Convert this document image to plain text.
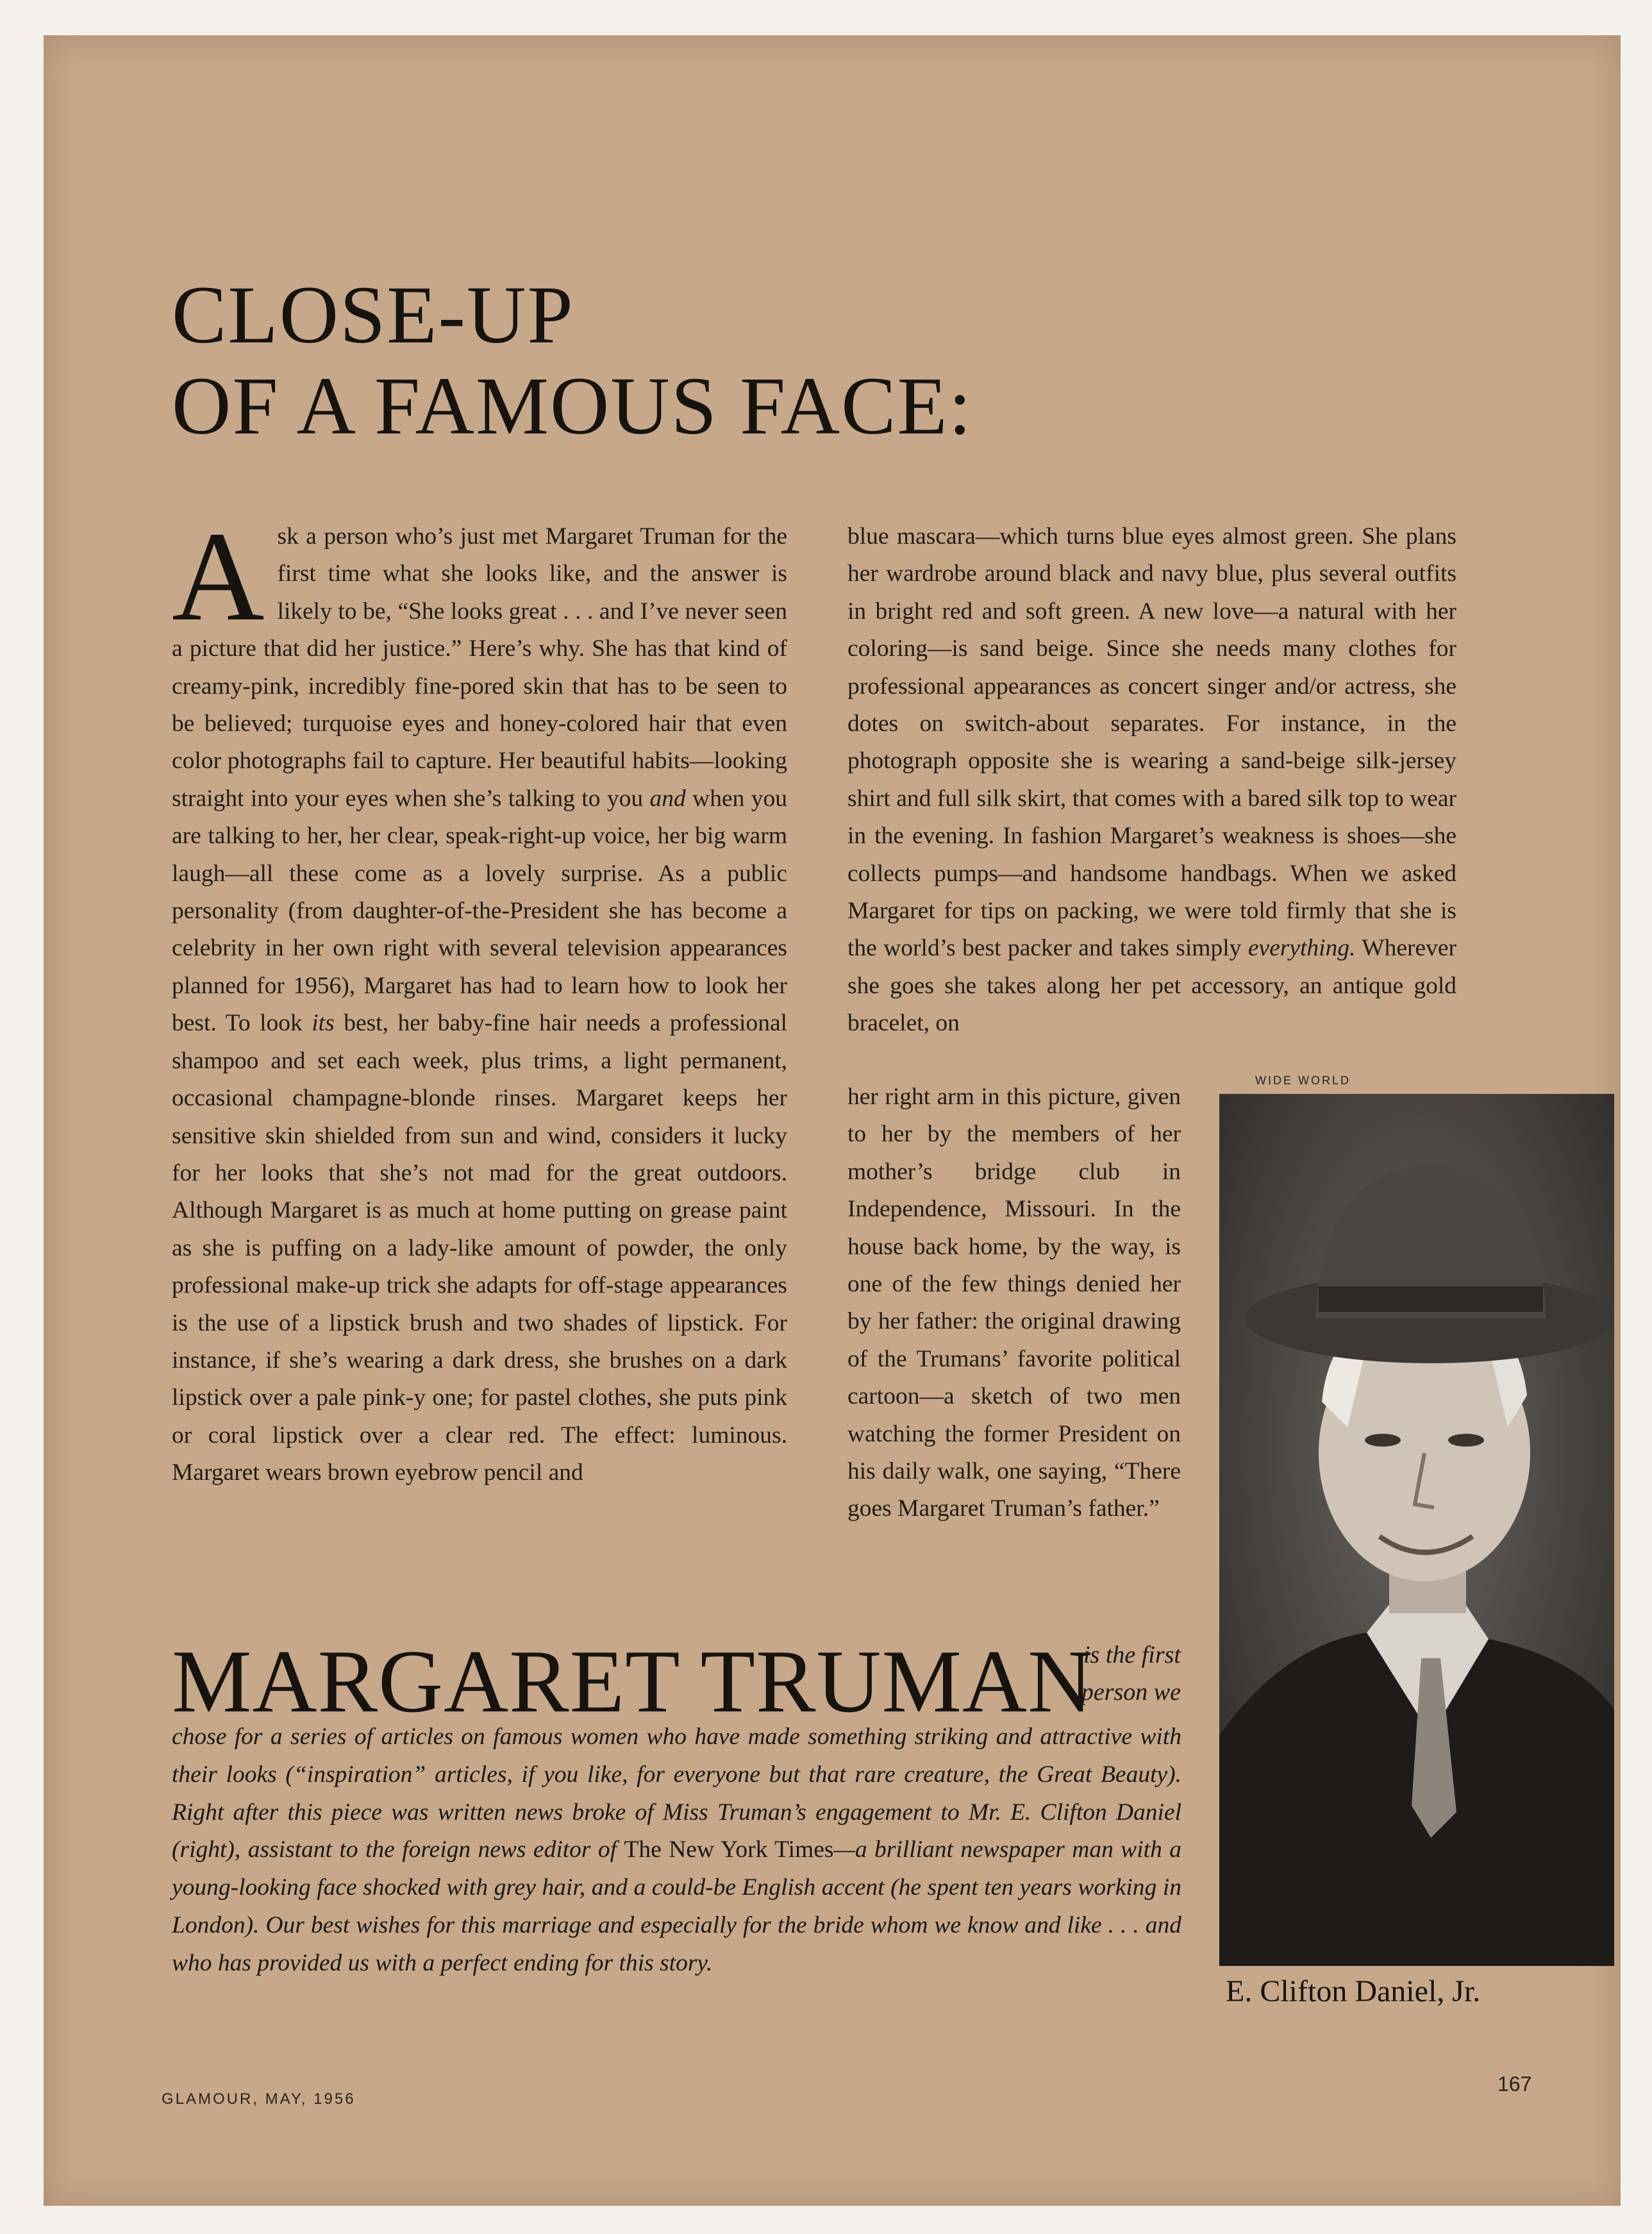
CLOSE-UP
OF A FAMOUS FACE:

Ask a person who’s just met Margaret Truman for the first time what she looks like, and the answer is likely to be, “She looks great . . . and I’ve never seen a picture that did her justice.” Here’s why. She has that kind of creamy-pink, incredibly fine-pored skin that has to be seen to be believed; turquoise eyes and honey-colored hair that even color photographs fail to capture. Her beautiful habits—looking straight into your eyes when she’s talking to you and when you are talking to her, her clear, speak-right-up voice, her big warm laugh—all these come as a lovely surprise. As a public personality (from daughter-of-the-President she has become a celebrity in her own right with several television appearances planned for 1956), Margaret has had to learn how to look her best. To look its best, her baby-fine hair needs a professional shampoo and set each week, plus trims, a light permanent, occasional champagne-blonde rinses. Margaret keeps her sensitive skin shielded from sun and wind, considers it lucky for her looks that she’s not mad for the great outdoors. Although Margaret is as much at home putting on grease paint as she is puffing on a lady-like amount of powder, the only professional make-up trick she adapts for off-stage appearances is the use of a lipstick brush and two shades of lipstick. For instance, if she’s wearing a dark dress, she brushes on a dark lipstick over a pale pink-y one; for pastel clothes, she puts pink or coral lipstick over a clear red. The effect: luminous. Margaret wears brown eyebrow pencil and

blue mascara—which turns blue eyes almost green. She plans her wardrobe around black and navy blue, plus several outfits in bright red and soft green. A new love—a natural with her coloring—is sand beige. Since she needs many clothes for professional appearances as concert singer and/or actress, she dotes on switch-about separates. For instance, in the photograph opposite she is wearing a sand-beige silk-jersey shirt and full silk skirt, that comes with a bared silk top to wear in the evening. In fashion Margaret’s weakness is shoes—she collects pumps—and handsome handbags. When we asked Margaret for tips on packing, we were told firmly that she is the world’s best packer and takes simply everything. Wherever she goes she takes along her pet accessory, an antique gold bracelet, on

her right arm in this picture, given to her by the members of her mother’s bridge club in Independence, Missouri. In the house back home, by the way, is one of the few things denied her by her father: the original drawing of the Trumans’ favorite political cartoon—a sketch of two men watching the former President on his daily walk, one saying, “There goes Margaret Truman’s father.”

WIDE WORLD
E. Clifton Daniel, Jr.
MARGARET TRUMAN
is the first person we

chose for a series of articles on famous women who have made something striking and attractive with their looks (“inspiration” articles, if you like, for everyone but that rare creature, the Great Beauty). Right after this piece was written news broke of Miss Truman’s engagement to Mr. E. Clifton Daniel (right), assistant to the foreign news editor of The New York Times—a brilliant newspaper man with a young-looking face shocked with grey hair, and a could-be English accent (he spent ten years working in London). Our best wishes for this marriage and especially for the bride whom we know and like . . . and who has provided us with a perfect ending for this story.

GLAMOUR, MAY, 1956
167
